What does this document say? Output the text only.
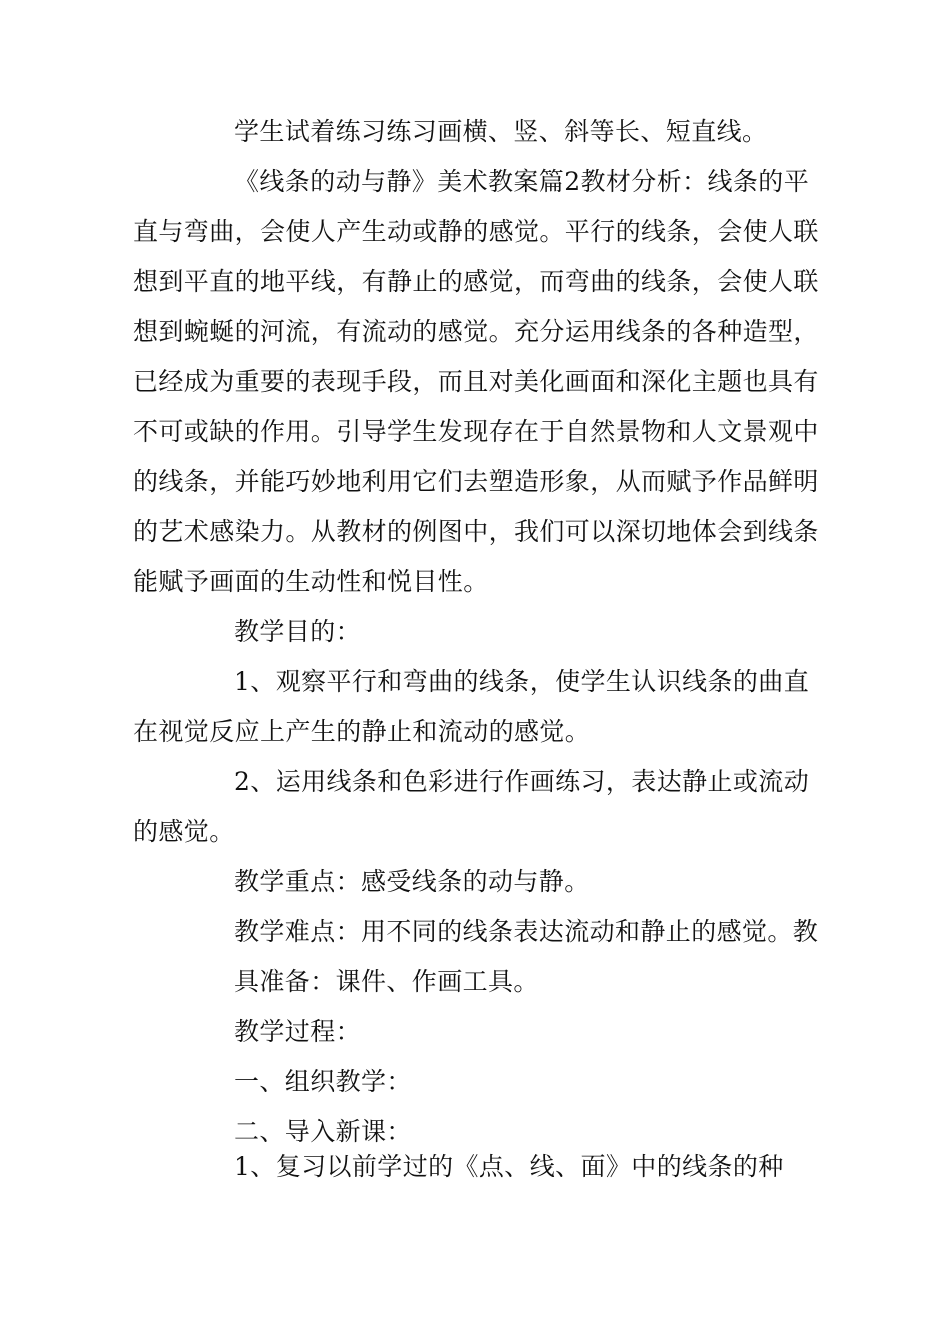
学生试着练习练习画横、竖、斜等长、短直线。
《线条的动与静》美术教案篇2教材分析：线条的平
直与弯曲，会使人产生动或静的感觉。平行的线条，会使人联
想到平直的地平线，有静止的感觉，而弯曲的线条，会使人联
想到蜿蜒的河流，有流动的感觉。充分运用线条的各种造型，
已经成为重要的表现手段，而且对美化画面和深化主题也具有
不可或缺的作用。引导学生发现存在于自然景物和人文景观中
的线条，并能巧妙地利用它们去塑造形象，从而赋予作品鲜明
的艺术感染力。从教材的例图中，我们可以深切地体会到线条
能赋予画面的生动性和悦目性。
教学目的：
1、观察平行和弯曲的线条，使学生认识线条的曲直
在视觉反应上产生的静止和流动的感觉。
2、运用线条和色彩进行作画练习，表达静止或流动
的感觉。
教学重点：感受线条的动与静。
教学难点：用不同的线条表达流动和静止的感觉。教
具准备：课件、作画工具。
教学过程：
一、组织教学：
二、导入新课：
1、复习以前学过的《点、线、面》中的线条的种
